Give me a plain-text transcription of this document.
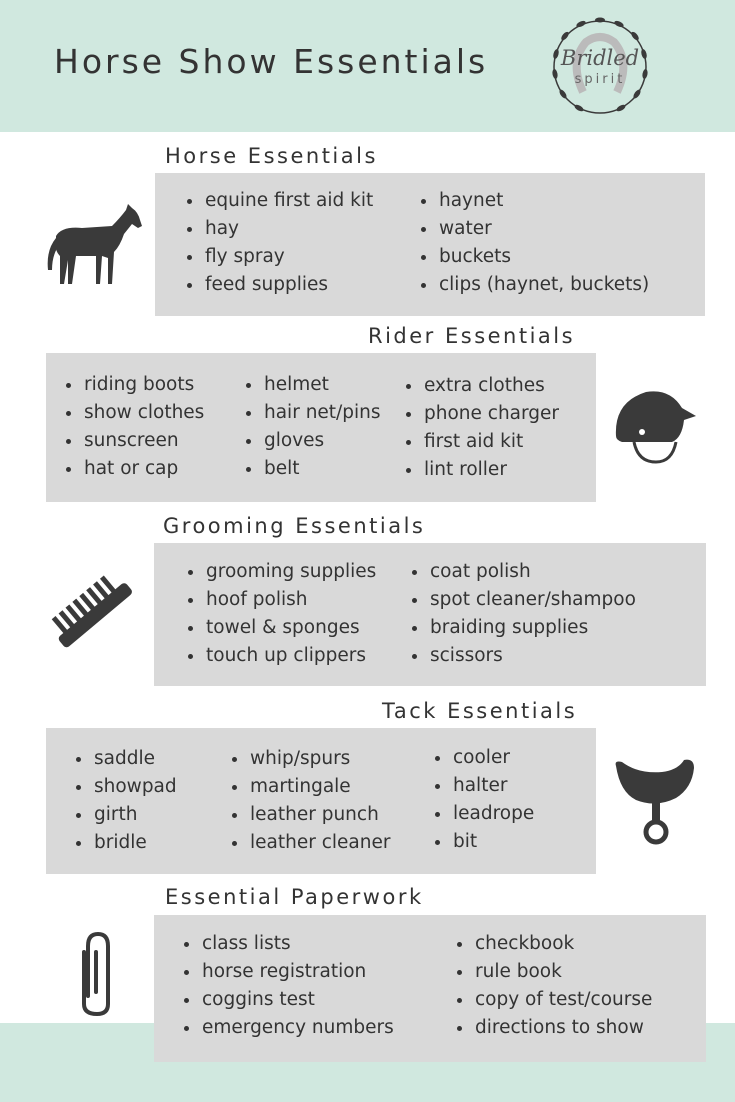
Horse Show Essentials	Bridled
spirit
Horse Essentials
equine first aid kit
hay
fly spray
feed supplies
haynet
water
buckets
clips (haynet, buckets)
Rider Essentials
riding boots
show clothes
sunscreen
hat or cap
helmet
hair net/pins
gloves
belt
extra clothes
phone charger
first aid kit
lint roller
Grooming Essentials
grooming supplies
hoof polish
towel & sponges
touch up clippers
coat polish
spot cleaner/shampoo
braiding supplies
scissors
Tack Essentials
saddle
showpad
girth
bridle
whip/spurs
martingale
leather punch
leather cleaner
cooler
halter
leadrope
bit
Essential Paperwork
class lists
horse registration
coggins test
emergency numbers
checkbook
rule book
copy of test/course
directions to show
